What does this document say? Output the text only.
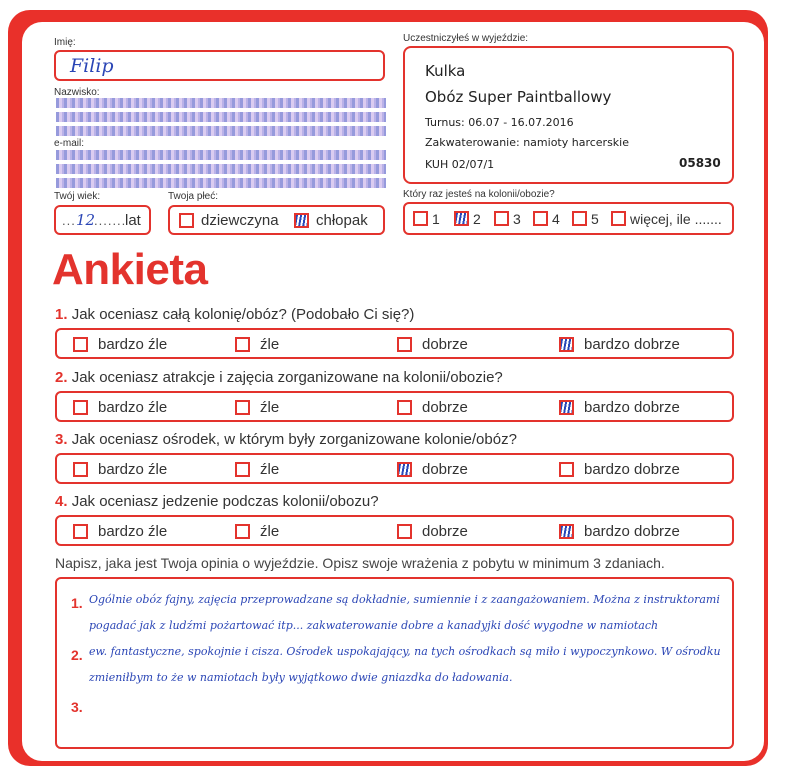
Imię:
Filip
Nazwisko:
e-mail:
Twój wiek:
... 12
.......
lat
Twoja płeć:
dziewczyna chłopak
Uczestniczyłeś w wyjeździe:
Kulka
Obóz Super Paintballowy
Turnus: 06.07 - 16.07.2016
Zakwaterowanie: namioty harcerskie
KUH 02/07/1	05830
Który raz jesteś na kolonii/obozie?
1 2 3 4 5 więcej, ile .......
Ankieta
1. Jak oceniasz całą kolonię/obóz? (Podobało Ci się?)
bardzo źle	źle	dobrze	bardzo dobrze
2. Jak oceniasz atrakcje i zajęcia zorganizowane na kolonii/obozie?
bardzo źle	źle	dobrze	bardzo dobrze
3. Jak oceniasz ośrodek, w którym były zorganizowane kolonie/obóz?
bardzo źle	źle	dobrze	bardzo dobrze
4. Jak oceniasz jedzenie podczas kolonii/obozu?
bardzo źle	źle	dobrze	bardzo dobrze
Napisz, jaka jest Twoja opinia o wyjeździe. Opisz swoje wrażenia z pobytu w minimum 3 zdaniach.
1.
2.
3.
Ogólnie obóz fajny, zajęcia przeprowadzane są dokładnie, sumiennie i z zaangażowaniem. Można z instruktorami
pogadać jak z ludźmi pożartować itp... zakwaterowanie dobre a kanadyjki dość wygodne w namiotach
ew. fantastyczne, spokojnie i cisza. Ośrodek uspokajający, na tych ośrodkach są miło i wypoczynkowo. W ośrodku
zmieniłbym to że w namiotach były wyjątkowo dwie gniazdka do ładowania.
